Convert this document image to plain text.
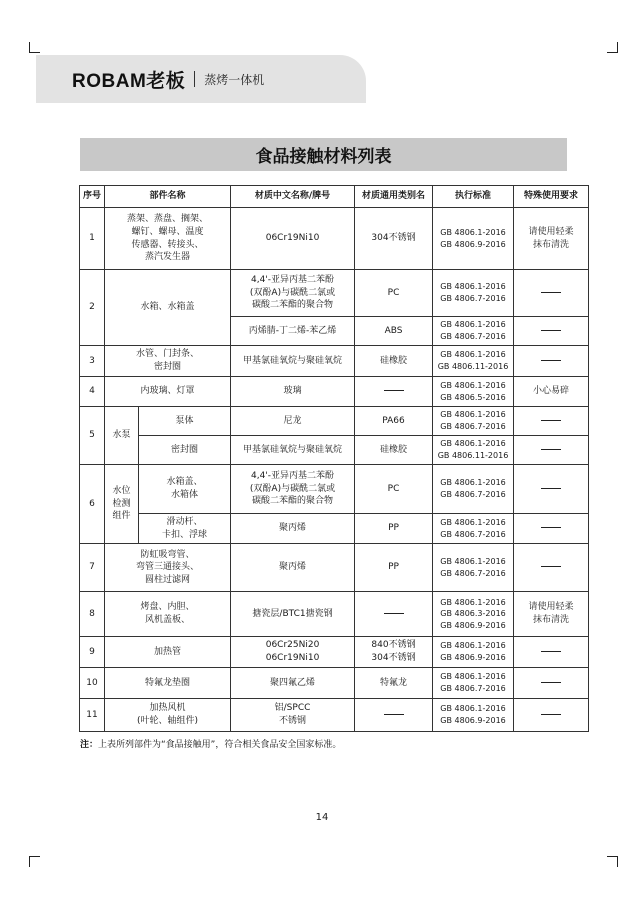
ROBAM老板 蒸烤一体机
食品接触材料列表
序号	部件名称		材质中文名称/牌号	材质通用类别名	执行标准	特殊使用要求
1	蒸架、蒸盘、搁架、
螺钉、螺母、温度
传感器、转接头、
蒸汽发生器		06Cr19Ni10	304不锈钢	GB 4806.1-2016
GB 4806.9-2016	请使用轻柔
抹布清洗
2	水箱、水箱盖		4,4'-亚异丙基二苯酚
(双酚A)与碳酰二氯或
碳酸二苯酯的聚合物	PC	GB 4806.1-2016
GB 4806.7-2016	
			丙烯腈-丁二烯-苯乙烯	ABS	GB 4806.1-2016
GB 4806.7-2016	
3	水管、门封条、
密封圈		甲基氯硅氧烷与聚硅氧烷	硅橡胶	GB 4806.1-2016
GB 4806.11-2016	
4	内玻璃、灯罩		玻璃		GB 4806.1-2016
GB 4806.5-2016	小心易碎
5	水泵	泵体	尼龙	PA66	GB 4806.1-2016
GB 4806.7-2016	
		密封圈	甲基氯硅氧烷与聚硅氧烷	硅橡胶	GB 4806.1-2016
GB 4806.11-2016	
6	水位
检测
组件	水箱盖、
水箱体	4,4'-亚异丙基二苯酚
(双酚A)与碳酰二氯或
碳酸二苯酯的聚合物	PC	GB 4806.1-2016
GB 4806.7-2016	
		滑动杆、
卡扣、浮球	聚丙烯	PP	GB 4806.1-2016
GB 4806.7-2016	
7	防虹吸弯管、
弯管三通接头、
圆柱过滤网		聚丙烯	PP	GB 4806.1-2016
GB 4806.7-2016	
8	烤盘、内胆、
风机盖板、		搪瓷层/BTC1搪瓷钢		GB 4806.1-2016
GB 4806.3-2016
GB 4806.9-2016	请使用轻柔
抹布清洗
9	加热管		06Cr25Ni20
06Cr19Ni10	840不锈钢
304不锈钢	GB 4806.1-2016
GB 4806.9-2016	
10	特氟龙垫圈		聚四氟乙烯	特氟龙	GB 4806.1-2016
GB 4806.7-2016	
11	加热风机
(叶轮、轴组件)		铝/SPCC
不锈钢		GB 4806.1-2016
GB 4806.9-2016	
注：上表所列部件为“食品接触用”，符合相关食品安全国家标准。
14
